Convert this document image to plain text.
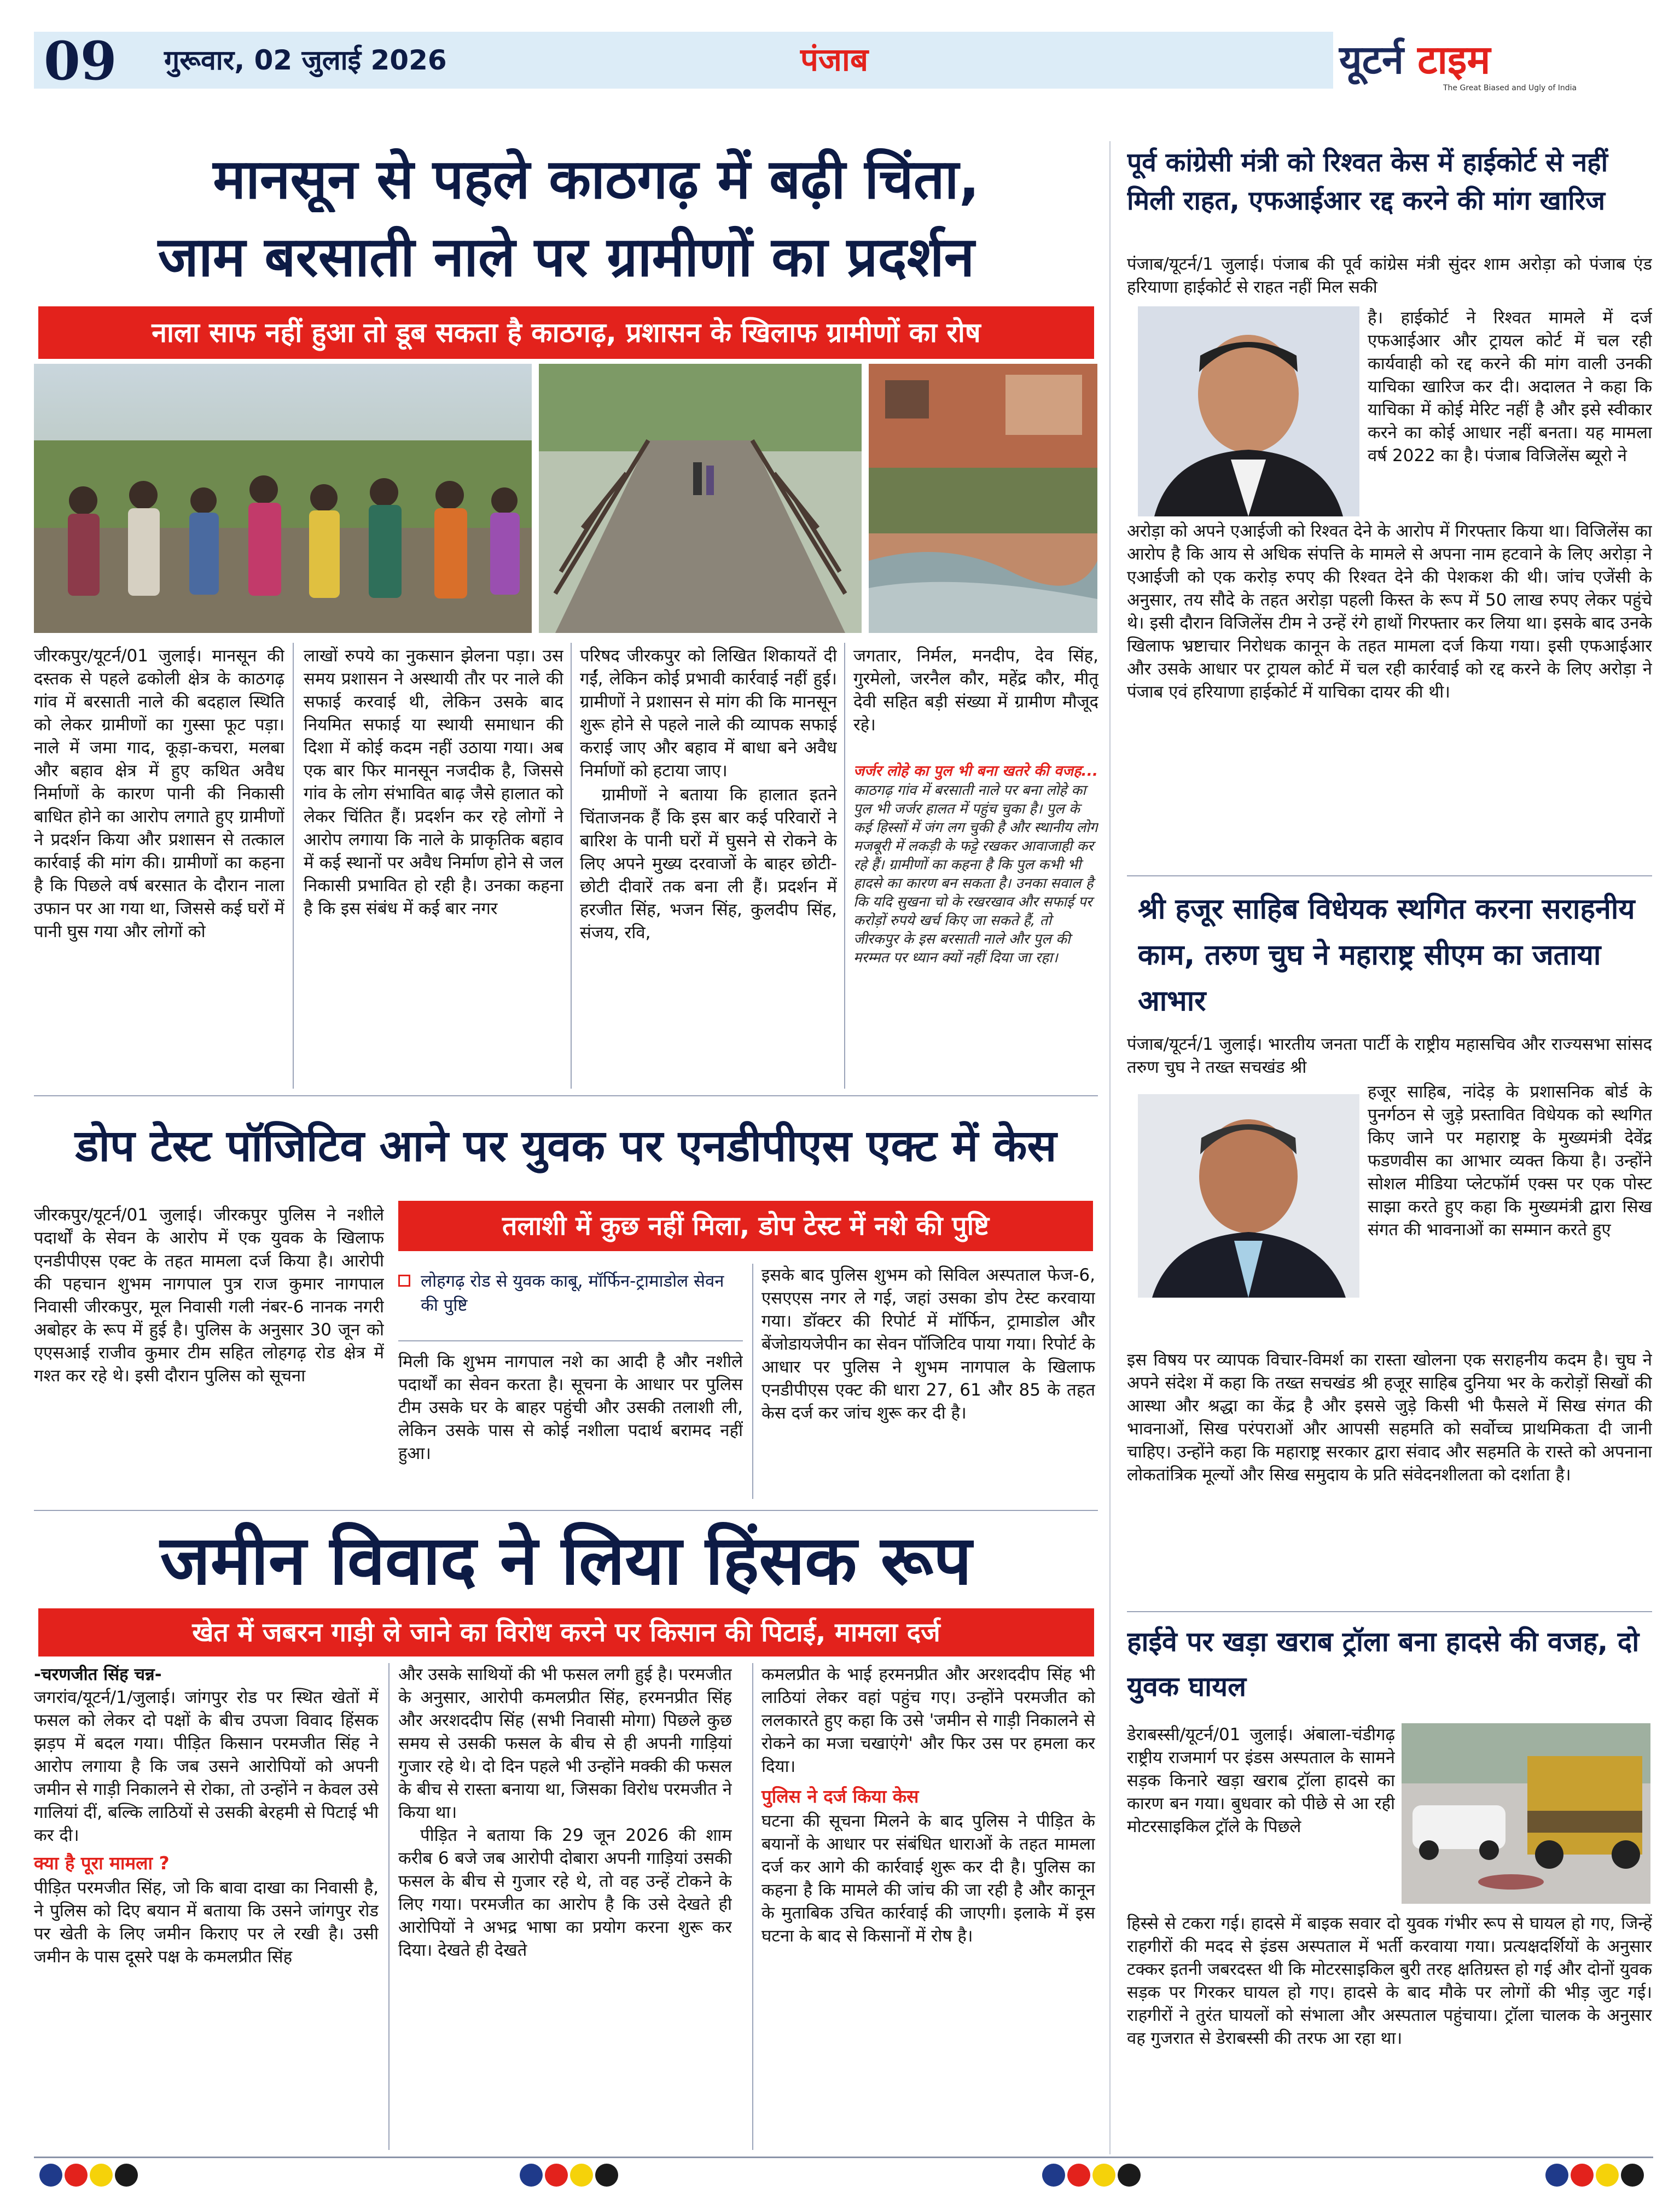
09 गुरूवार, 02 जुलाई 2026	पंजाब	यूटर्न टाइम
The Great Biased and Ugly of India
मानसून से पहले काठगढ़ में बढ़ी चिंता,
जाम बरसाती नाले पर ग्रामीणों का प्रदर्शन
नाला साफ नहीं हुआ तो डूब सकता है काठगढ़, प्रशासन के खिलाफ ग्रामीणों का रोष
जीरकपुर/यूटर्न/01 जुलाई। मानसून की दस्तक से पहले ढकोली क्षेत्र के काठगढ़ गांव में बरसाती नाले की बदहाल स्थिति को लेकर ग्रामीणों का गुस्सा फूट पड़ा। नाले में जमा गाद, कूड़ा-कचरा, मलबा और बहाव क्षेत्र में हुए कथित अवैध निर्माणों के कारण पानी की निकासी बाधित होने का आरोप लगाते हुए ग्रामीणों ने प्रदर्शन किया और प्रशासन से तत्काल कार्रवाई की मांग की। ग्रामीणों का कहना है कि पिछले वर्ष बरसात के दौरान नाला उफान पर आ गया था, जिससे कई घरों में पानी घुस गया और लोगों को
लाखों रुपये का नुकसान झेलना पड़ा। उस समय प्रशासन ने अस्थायी तौर पर नाले की सफाई करवाई थी, लेकिन उसके बाद नियमित सफाई या स्थायी समाधान की दिशा में कोई कदम नहीं उठाया गया। अब एक बार फिर मानसून नजदीक है, जिससे गांव के लोग संभावित बाढ़ जैसे हालात को लेकर चिंतित हैं। प्रदर्शन कर रहे लोगों ने आरोप लगाया कि नाले के प्राकृतिक बहाव में कई स्थानों पर अवैध निर्माण होने से जल निकासी प्रभावित हो रही है। उनका कहना है कि इस संबंध में कई बार नगर

परिषद जीरकपुर को लिखित शिकायतें दी गईं, लेकिन कोई प्रभावी कार्रवाई नहीं हुई। ग्रामीणों ने प्रशासन से मांग की कि मानसून शुरू होने से पहले नाले की व्यापक सफाई कराई जाए और बहाव में बाधा बने अवैध निर्माणों को हटाया जाए।

ग्रामीणों ने बताया कि हालात इतने चिंताजनक हैं कि इस बार कई परिवारों ने बारिश के पानी घरों में घुसने से रोकने के लिए अपने मुख्य दरवाजों के बाहर छोटी-छोटी दीवारें तक बना ली हैं। प्रदर्शन में हरजीत सिंह, भजन सिंह, कुलदीप सिंह, संजय, रवि,

जगतार, निर्मल, मनदीप, देव सिंह, गुरमेलो, जरनैल कौर, महेंद्र कौर, मीतू देवी सहित बड़ी संख्या में ग्रामीण मौजूद रहे।
जर्जर लोहे का पुल भी बना खतरे की वजह...
काठगढ़ गांव में बरसाती नाले पर बना लोहे का पुल भी जर्जर हालत में पहुंच चुका है। पुल के कई हिस्सों में जंग लग चुकी है और स्थानीय लोग मजबूरी में लकड़ी के फट्टे रखकर आवाजाही कर रहे हैं। ग्रामीणों का कहना है कि पुल कभी भी हादसे का कारण बन सकता है। उनका सवाल है कि यदि सुखना चो के रखरखाव और सफाई पर करोड़ों रुपये खर्च किए जा सकते हैं, तो जीरकपुर के इस बरसाती नाले और पुल की मरम्मत पर ध्यान क्यों नहीं दिया जा रहा।
डोप टेस्ट पॉजिटिव आने पर युवक पर एनडीपीएस एक्ट में केस
तलाशी में कुछ नहीं मिला, डोप टेस्ट में नशे की पुष्टि
लोहगढ़ रोड से युवक काबू, मॉर्फिन-ट्रामाडोल सेवन की पुष्टि
जीरकपुर/यूटर्न/01 जुलाई। जीरकपुर पुलिस ने नशीले पदार्थों के सेवन के आरोप में एक युवक के खिलाफ एनडीपीएस एक्ट के तहत मामला दर्ज किया है। आरोपी की पहचान शुभम नागपाल पुत्र राज कुमार नागपाल निवासी जीरकपुर, मूल निवासी गली नंबर-6 नानक नगरी अबोहर के रूप में हुई है। पुलिस के अनुसार 30 जून को एएसआई राजीव कुमार टीम सहित लोहगढ़ रोड क्षेत्र में गश्त कर रहे थे। इसी दौरान पुलिस को सूचना
मिली कि शुभम नागपाल नशे का आदी है और नशीले पदार्थों का सेवन करता है। सूचना के आधार पर पुलिस टीम उसके घर के बाहर पहुंची और उसकी तलाशी ली, लेकिन उसके पास से कोई नशीला पदार्थ बरामद नहीं हुआ।
इसके बाद पुलिस शुभम को सिविल अस्पताल फेज-6, एसएएस नगर ले गई, जहां उसका डोप टेस्ट करवाया गया। डॉक्टर की रिपोर्ट में मॉर्फिन, ट्रामाडोल और बेंजोडायजेपीन का सेवन पॉजिटिव पाया गया। रिपोर्ट के आधार पर पुलिस ने शुभम नागपाल के खिलाफ एनडीपीएस एक्ट की धारा 27, 61 और 85 के तहत केस दर्ज कर जांच शुरू कर दी है।
जमीन विवाद ने लिया हिंसक रूप
खेत में जबरन गाड़ी ले जाने का विरोध करने पर किसान की पिटाई, मामला दर्ज
-चरणजीत सिंह चन्न-
जगरांव/यूटर्न/1/जुलाई। जांगपुर रोड पर स्थित खेतों में फसल को लेकर दो पक्षों के बीच उपजा विवाद हिंसक झड़प में बदल गया। पीड़ित किसान परमजीत सिंह ने आरोप लगाया है कि जब उसने आरोपियों को अपनी जमीन से गाड़ी निकालने से रोका, तो उन्होंने न केवल उसे गालियां दीं, बल्कि लाठियों से उसकी बेरहमी से पिटाई भी कर दी।
क्या है पूरा मामला ?
पीड़ित परमजीत सिंह, जो कि बावा दाखा का निवासी है, ने पुलिस को दिए बयान में बताया कि उसने जांगपुर रोड पर खेती के लिए जमीन किराए पर ले रखी है। उसी जमीन के पास दूसरे पक्ष के कमलप्रीत सिंह
और उसके साथियों की भी फसल लगी हुई है। परमजीत के अनुसार, आरोपी कमलप्रीत सिंह, हरमनप्रीत सिंह और अरशददीप सिंह (सभी निवासी मोगा) पिछले कुछ समय से उसकी फसल के बीच से ही अपनी गाड़ियां गुजार रहे थे। दो दिन पहले भी उन्होंने मक्की की फसल के बीच से रास्ता बनाया था, जिसका विरोध परमजीत ने किया था।
पीड़ित ने बताया कि 29 जून 2026 की शाम करीब 6 बजे जब आरोपी दोबारा अपनी गाड़ियां उसकी फसल के बीच से गुजार रहे थे, तो वह उन्हें टोकने के लिए गया। परमजीत का आरोप है कि उसे देखते ही आरोपियों ने अभद्र भाषा का प्रयोग करना शुरू कर दिया। देखते ही देखते
कमलप्रीत के भाई हरमनप्रीत और अरशददीप सिंह भी लाठियां लेकर वहां पहुंच गए। उन्होंने परमजीत को ललकारते हुए कहा कि उसे 'जमीन से गाड़ी निकालने से रोकने का मजा चखाएंगे' और फिर उस पर हमला कर दिया।
पुलिस ने दर्ज किया केस
घटना की सूचना मिलने के बाद पुलिस ने पीड़ित के बयानों के आधार पर संबंधित धाराओं के तहत मामला दर्ज कर आगे की कार्रवाई शुरू कर दी है। पुलिस का कहना है कि मामले की जांच की जा रही है और कानून के मुताबिक उचित कार्रवाई की जाएगी। इलाके में इस घटना के बाद से किसानों में रोष है।
पूर्व कांग्रेसी मंत्री को रिश्वत केस में हाईकोर्ट से नहीं मिली राहत, एफआईआर रद्द करने की मांग खारिज
पंजाब/यूटर्न/1 जुलाई। पंजाब की पूर्व कांग्रेस मंत्री सुंदर शाम अरोड़ा को पंजाब एंड हरियाणा हाईकोर्ट से राहत नहीं मिल सकी
है। हाईकोर्ट ने रिश्वत मामले में दर्ज एफआईआर और ट्रायल कोर्ट में चल रही कार्यवाही को रद्द करने की मांग वाली उनकी याचिका खारिज कर दी। अदालत ने कहा कि याचिका में कोई मेरिट नहीं है और इसे स्वीकार करने का कोई आधार नहीं बनता। यह मामला वर्ष 2022 का है। पंजाब विजिलेंस ब्यूरो ने
अरोड़ा को अपने एआईजी को रिश्वत देने के आरोप में गिरफ्तार किया था। विजिलेंस का आरोप है कि आय से अधिक संपत्ति के मामले से अपना नाम हटवाने के लिए अरोड़ा ने एआईजी को एक करोड़ रुपए की रिश्वत देने की पेशकश की थी। जांच एजेंसी के अनुसार, तय सौदे के तहत अरोड़ा पहली किस्त के रूप में 50 लाख रुपए लेकर पहुंचे थे। इसी दौरान विजिलेंस टीम ने उन्हें रंगे हाथों गिरफ्तार कर लिया था। इसके बाद उनके खिलाफ भ्रष्टाचार निरोधक कानून के तहत मामला दर्ज किया गया। इसी एफआईआर और उसके आधार पर ट्रायल कोर्ट में चल रही कार्रवाई को रद्द करने के लिए अरोड़ा ने पंजाब एवं हरियाणा हाईकोर्ट में याचिका दायर की थी।
श्री हजूर साहिब विधेयक स्थगित करना सराहनीय काम, तरुण चुघ ने महाराष्ट्र सीएम का जताया आभार
पंजाब/यूटर्न/1 जुलाई। भारतीय जनता पार्टी के राष्ट्रीय महासचिव और राज्यसभा सांसद तरुण चुघ ने तख्त सचखंड श्री
हजूर साहिब, नांदेड़ के प्रशासनिक बोर्ड के पुनर्गठन से जुड़े प्रस्तावित विधेयक को स्थगित किए जाने पर महाराष्ट्र के मुख्यमंत्री देवेंद्र फडणवीस का आभार व्यक्त किया है। उन्होंने सोशल मीडिया प्लेटफॉर्म एक्स पर एक पोस्ट साझा करते हुए कहा कि मुख्यमंत्री द्वारा सिख संगत की भावनाओं का सम्मान करते हुए
इस विषय पर व्यापक विचार-विमर्श का रास्ता खोलना एक सराहनीय कदम है। चुघ ने अपने संदेश में कहा कि तख्त सचखंड श्री हजूर साहिब दुनिया भर के करोड़ों सिखों की आस्था और श्रद्धा का केंद्र है और इससे जुड़े किसी भी फैसले में सिख संगत की भावनाओं, सिख परंपराओं और आपसी सहमति को सर्वोच्च प्राथमिकता दी जानी चाहिए। उन्होंने कहा कि महाराष्ट्र सरकार द्वारा संवाद और सहमति के रास्ते को अपनाना लोकतांत्रिक मूल्यों और सिख समुदाय के प्रति संवेदनशीलता को दर्शाता है।
हाईवे पर खड़ा खराब ट्रॉला बना हादसे की वजह, दो युवक घायल
डेराबस्सी/यूटर्न/01 जुलाई। अंबाला-चंडीगढ़ राष्ट्रीय राजमार्ग पर इंडस अस्पताल के सामने सड़क किनारे खड़ा खराब ट्रॉला हादसे का कारण बन गया। बुधवार को पीछे से आ रही मोटरसाइकिल ट्रॉले के पिछले
हिस्से से टकरा गई। हादसे में बाइक सवार दो युवक गंभीर रूप से घायल हो गए, जिन्हें राहगीरों की मदद से इंडस अस्पताल में भर्ती करवाया गया। प्रत्यक्षदर्शियों के अनुसार टक्कर इतनी जबरदस्त थी कि मोटरसाइकिल बुरी तरह क्षतिग्रस्त हो गई और दोनों युवक सड़क पर गिरकर घायल हो गए। हादसे के बाद मौके पर लोगों की भीड़ जुट गई। राहगीरों ने तुरंत घायलों को संभाला और अस्पताल पहुंचाया। ट्रॉला चालक के अनुसार वह गुजरात से डेराबस्सी की तरफ आ रहा था।
